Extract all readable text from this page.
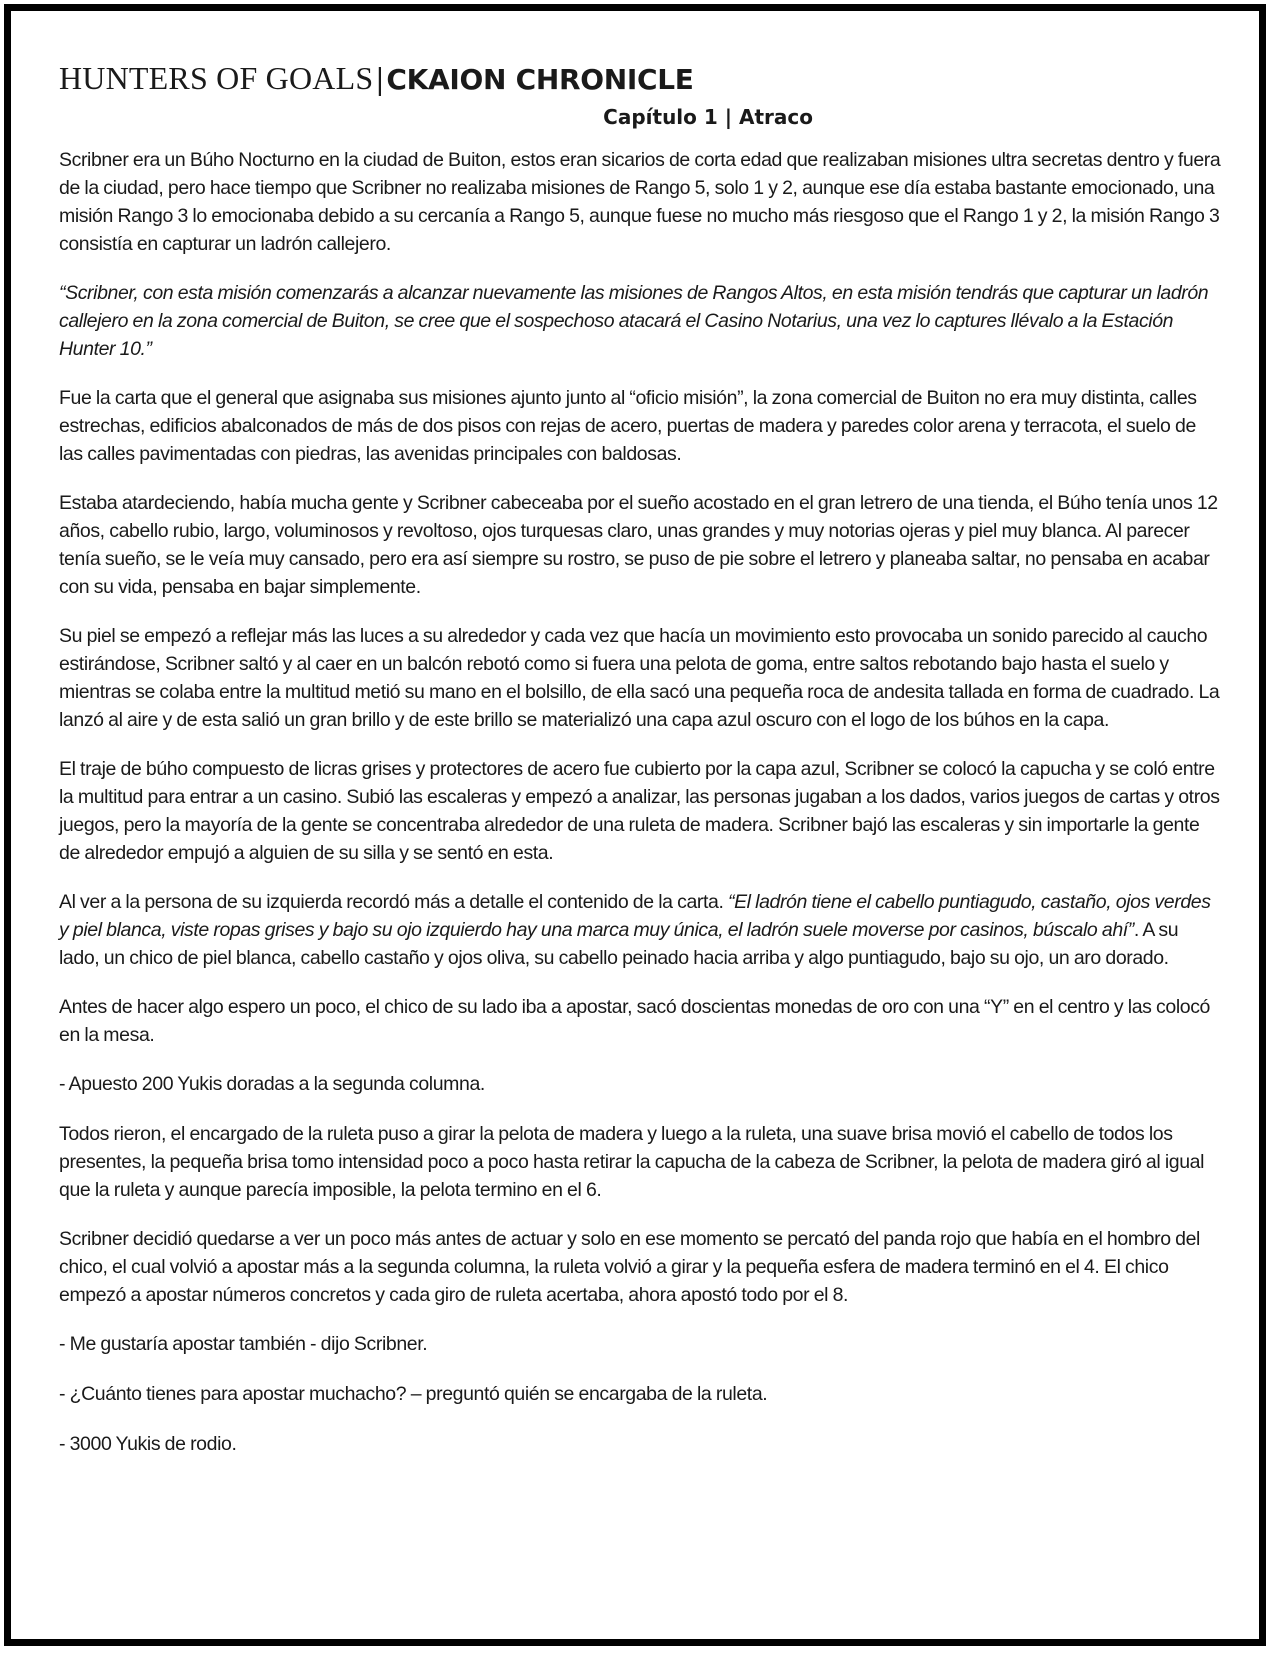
HUNTERS OF GOALS| CKAION CHRONICLE
Capítulo 1 | Atraco

Scribner era un Búho Nocturno en la ciudad de Buiton, estos eran sicarios de corta edad que realizaban misiones ultra secretas dentro y fuera de la ciudad, pero hace tiempo que Scribner no realizaba misiones de Rango 5, solo 1 y 2, aunque ese día estaba bastante emocionado, una misión Rango 3 lo emocionaba debido a su cercanía a Rango 5, aunque fuese no mucho más riesgoso que el Rango 1 y 2, la misión Rango 3 consistía en capturar un ladrón callejero.

“Scribner, con esta misión comenzarás a alcanzar nuevamente las misiones de Rangos Altos, en esta misión tendrás que capturar un ladrón callejero en la zona comercial de Buiton, se cree que el sospechoso atacará el Casino Notarius, una vez lo captures llévalo a la Estación Hunter 10.”

Fue la carta que el general que asignaba sus misiones ajunto junto al “oficio misión”, la zona comercial de Buiton no era muy distinta, calles estrechas, edificios abalconados de más de dos pisos con rejas de acero, puertas de madera y paredes color arena y terracota, el suelo de las calles pavimentadas con piedras, las avenidas principales con baldosas.

Estaba atardeciendo, había mucha gente y Scribner cabeceaba por el sueño acostado en el gran letrero de una tienda, el Búho tenía unos 12 años, cabello rubio, largo, voluminosos y revoltoso, ojos turquesas claro, unas grandes y muy notorias ojeras y piel muy blanca. Al parecer tenía sueño, se le veía muy cansado, pero era así siempre su rostro, se puso de pie sobre el letrero y planeaba saltar, no pensaba en acabar con su vida, pensaba en bajar simplemente.

Su piel se empezó a reflejar más las luces a su alrededor y cada vez que hacía un movimiento esto provocaba un sonido parecido al caucho estirándose, Scribner saltó y al caer en un balcón rebotó como si fuera una pelota de goma, entre saltos rebotando bajo hasta el suelo y mientras se colaba entre la multitud metió su mano en el bolsillo, de ella sacó una pequeña roca de andesita tallada en forma de cuadrado. La lanzó al aire y de esta salió un gran brillo y de este brillo se materializó una capa azul oscuro con el logo de los búhos en la capa.

El traje de búho compuesto de licras grises y protectores de acero fue cubierto por la capa azul, Scribner se colocó la capucha y se coló entre la multitud para entrar a un casino. Subió las escaleras y empezó a analizar, las personas jugaban a los dados, varios juegos de cartas y otros juegos, pero la mayoría de la gente se concentraba alrededor de una ruleta de madera. Scribner bajó las escaleras y sin importarle la gente de alrededor empujó a alguien de su silla y se sentó en esta.

Al ver a la persona de su izquierda recordó más a detalle el contenido de la carta. “El ladrón tiene el cabello puntiagudo, castaño, ojos verdes y piel blanca, viste ropas grises y bajo su ojo izquierdo hay una marca muy única, el ladrón suele moverse por casinos, búscalo ahí”. A su lado, un chico de piel blanca, cabello castaño y ojos oliva, su cabello peinado hacia arriba y algo puntiagudo, bajo su ojo, un aro dorado.

Antes de hacer algo espero un poco, el chico de su lado iba a apostar, sacó doscientas monedas de oro con una “Y” en el centro y las colocó en la mesa.

- Apuesto 200 Yukis doradas a la segunda columna.

Todos rieron, el encargado de la ruleta puso a girar la pelota de madera y luego a la ruleta, una suave brisa movió el cabello de todos los presentes, la pequeña brisa tomo intensidad poco a poco hasta retirar la capucha de la cabeza de Scribner, la pelota de madera giró al igual que la ruleta y aunque parecía imposible, la pelota termino en el 6.

Scribner decidió quedarse a ver un poco más antes de actuar y solo en ese momento se percató del panda rojo que había en el hombro del chico, el cual volvió a apostar más a la segunda columna, la ruleta volvió a girar y la pequeña esfera de madera terminó en el 4. El chico empezó a apostar números concretos y cada giro de ruleta acertaba, ahora apostó todo por el 8.

- Me gustaría apostar también - dijo Scribner.

- ¿Cuánto tienes para apostar muchacho? – preguntó quién se encargaba de la ruleta.

- 3000 Yukis de rodio.
